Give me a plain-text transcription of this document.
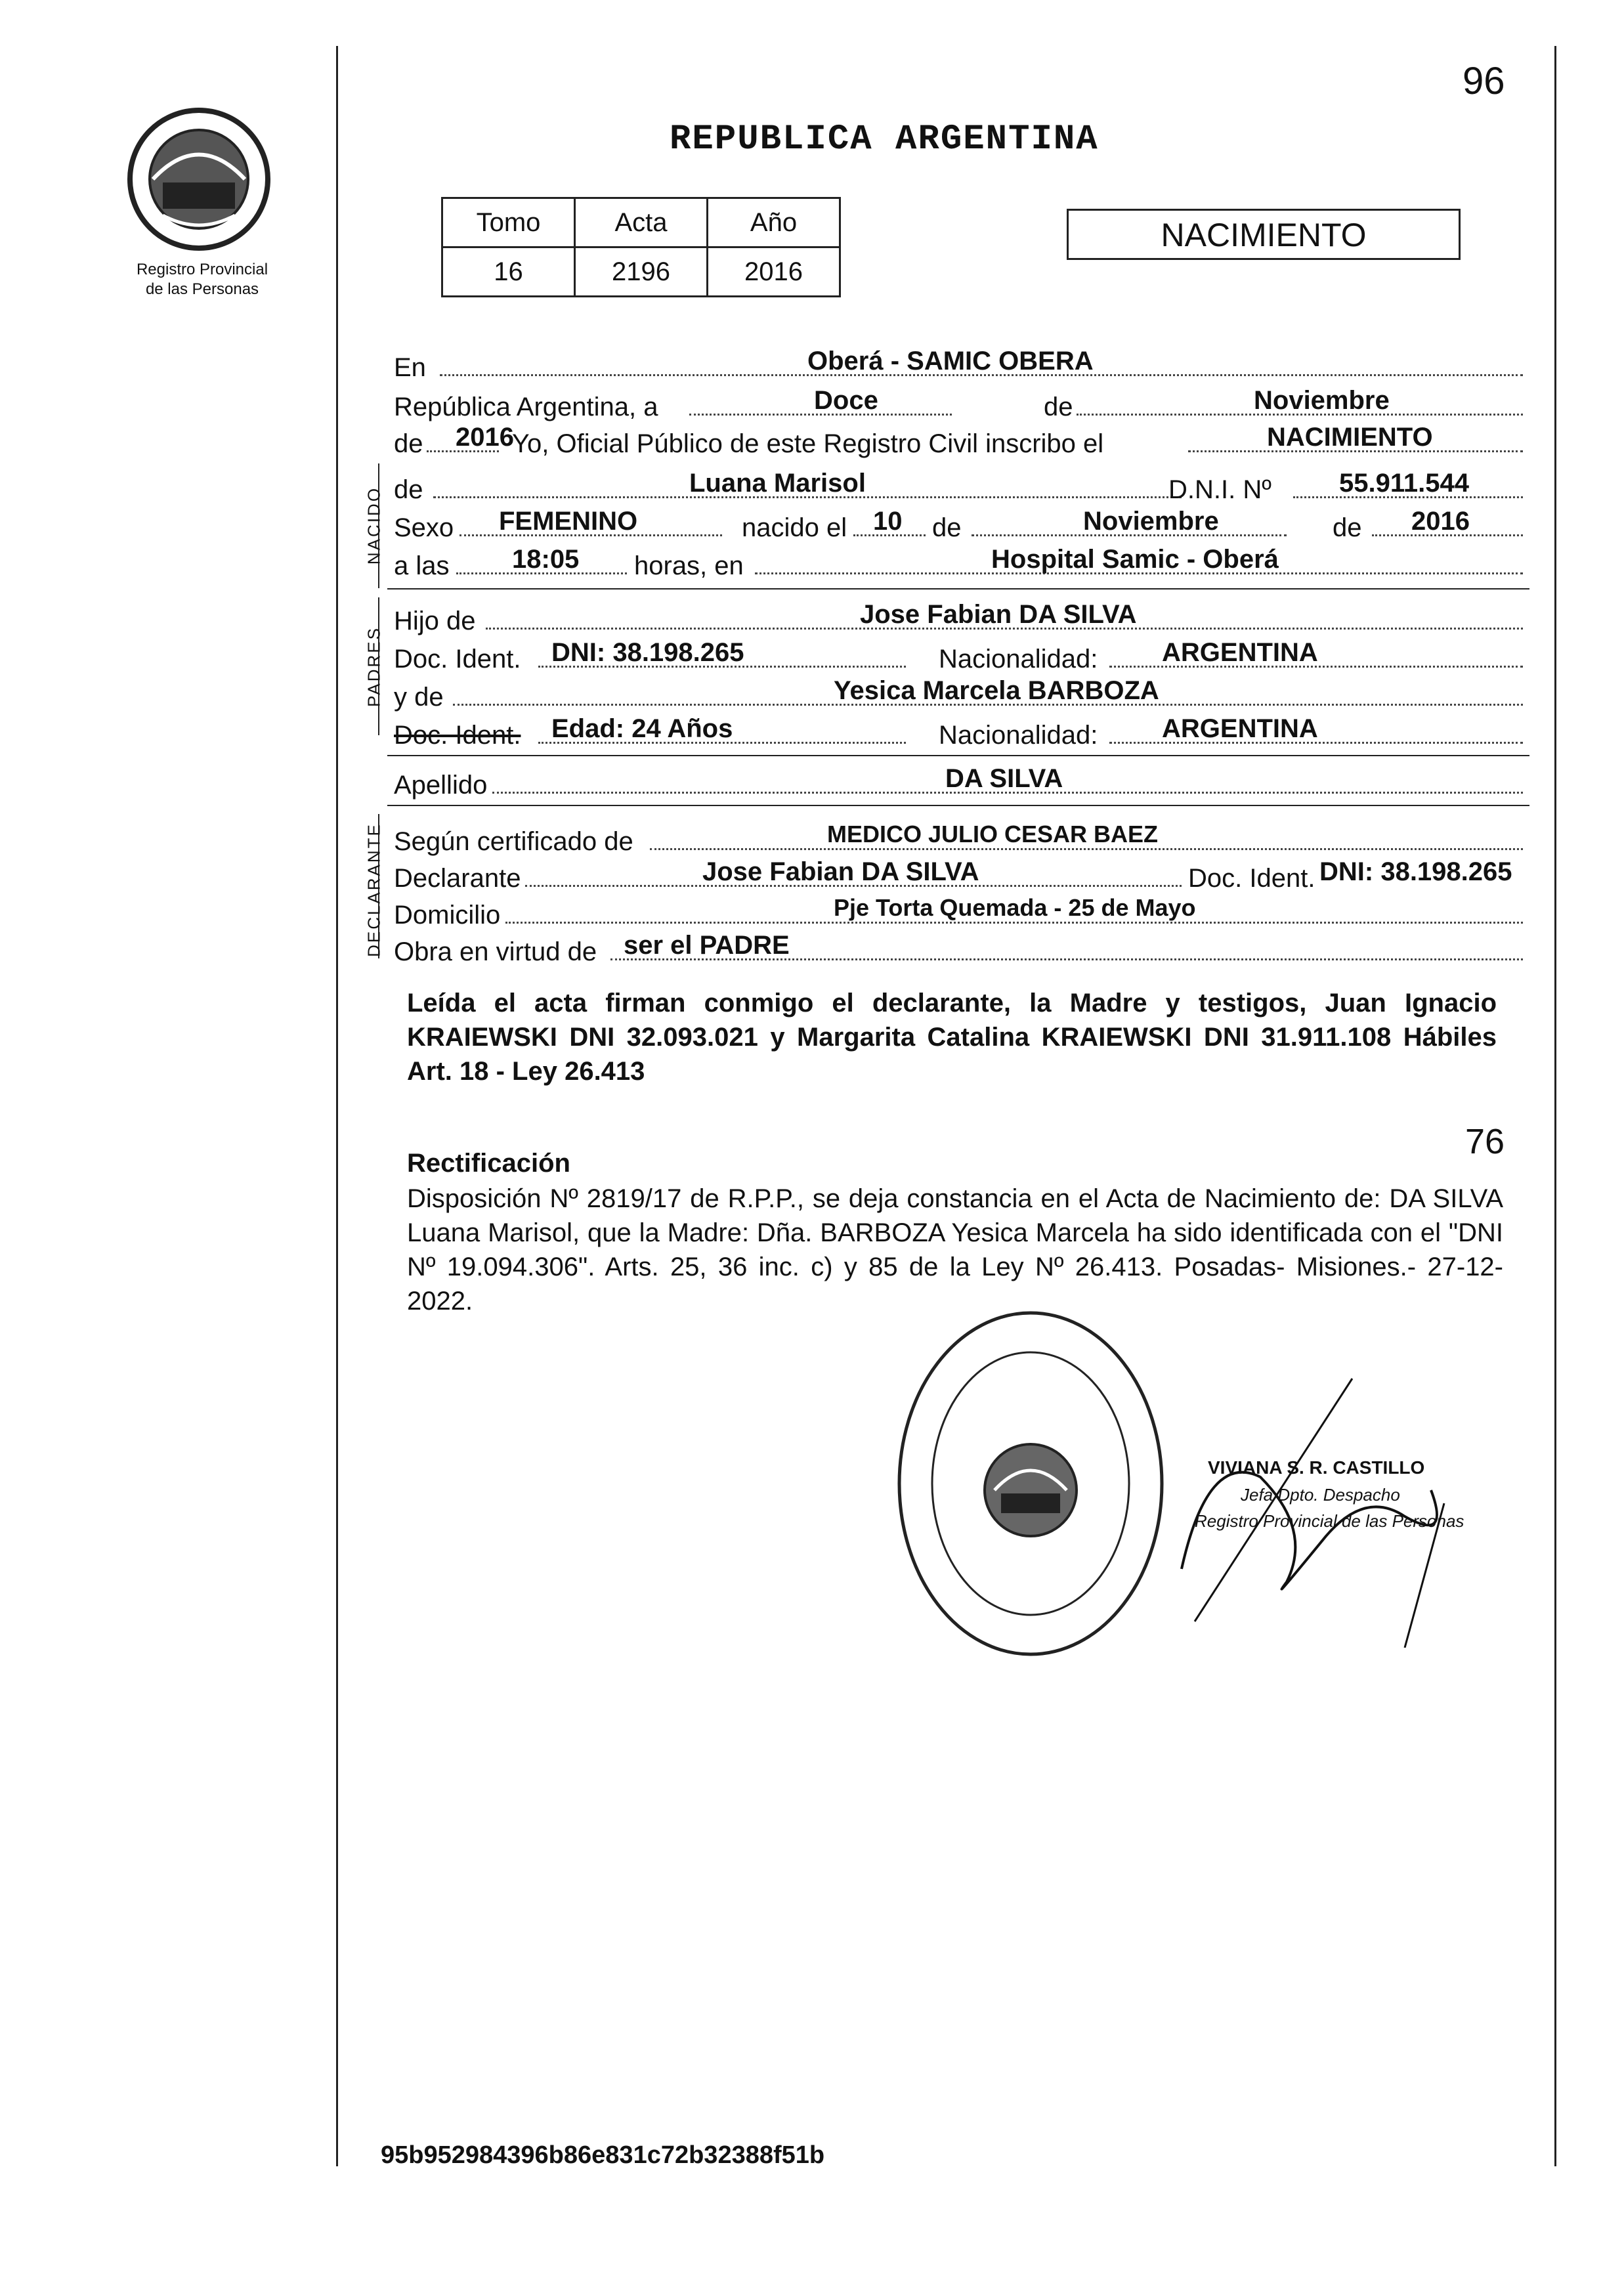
Registro Provincial
de las Personas
REPUBLICA ARGENTINA
96
Tomo	Acta	Año
16	2196	2016
NACIMIENTO
En	Oberá - SAMIC OBERA
República Argentina, a	Doce	de	Noviembre
de 2016
Yo, Oficial Público de este Registro Civil inscribo el	NACIMIENTO
NACIDO de	Luana Marisol	D.N.I. Nº	55.911.544
Sexo FEMENINO	nacido el 10 de	Noviembre	de 2016
a las 18:05 horas, en	Hospital Samic - Oberá
PADRES
Hijo de	Jose Fabian DA SILVA
Doc. Ident. DNI: 38.198.265	Nacionalidad: ARGENTINA
y de	Yesica Marcela BARBOZA
Doc. Ident. Edad: 24 Años	Nacionalidad: ARGENTINA
Apellido	DA SILVA
DECLARANTE Según certificado de	MEDICO JULIO CESAR BAEZ
Declarante	Jose Fabian DA SILVA	Doc. Ident. DNI: 38.198.265
Domicilio	Pje Torta Quemada - 25 de Mayo
Obra en virtud de ser el PADRE
Leída el acta firman conmigo el declarante, la Madre y testigos, Juan Ignacio KRAIEWSKI DNI 32.093.021 y Margarita Catalina KRAIEWSKI DNI 31.911.108 Hábiles Art. 18 - Ley 26.413
Rectificación
76
Disposición Nº 2819/17 de R.P.P., se deja constancia en el Acta de Nacimiento de: DA SILVA Luana Marisol, que la Madre: Dña. BARBOZA Yesica Marcela ha sido identificada con el "DNI Nº 19.094.306". Arts. 25, 36 inc. c) y 85 de la Ley Nº 26.413. Posadas- Misiones.- 27-12-2022.
VIVIANA S. R. CASTILLO
Jefa Dpto. Despacho
Registro Provincial de las Personas
95b952984396b86e831c72b32388f51b
